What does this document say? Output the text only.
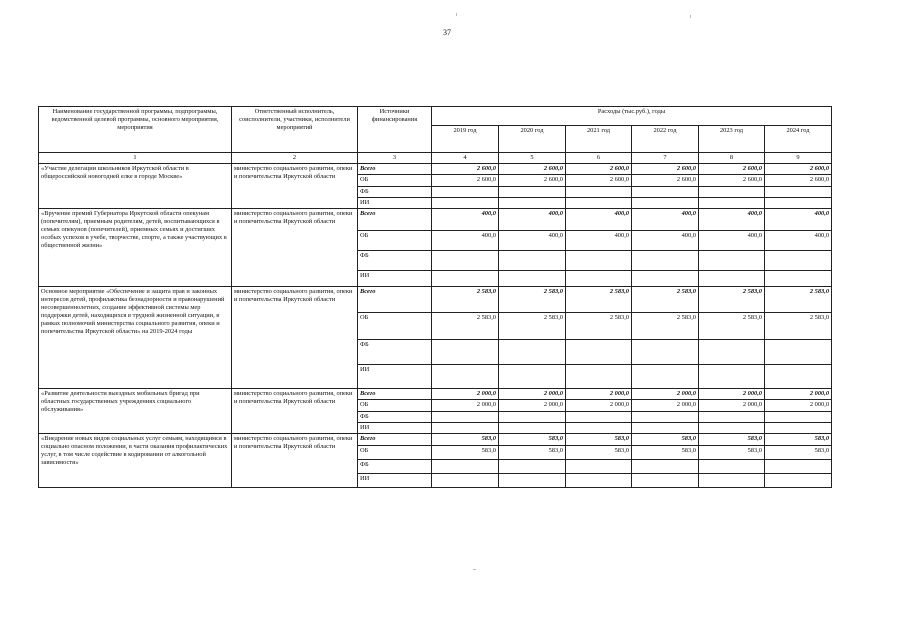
37
Наименование государственной программы, подпрограммы, ведомственной целевой программы, основного мероприятия, мероприятия	Ответственный исполнитель, соисполнители, участники, исполнители мероприятий	Источники финансирования	Расходы (тыс.руб.), годы					
			2019 год	2020 год	2021 год	2022 год	2023 год	2024 год
1	2	3	4	5	6	7	8	9
«Участие делегации школьников Иркутской области в общероссийской новогодней елке в городе Москве»	министерство социального развития, опеки и попечительства Иркутской области	Всего	2 600,0	2 600,0	2 600,0	2 600,0	2 600,0	2 600,0
		ОБ	2 600,0	2 600,0	2 600,0	2 600,0	2 600,0	2 600,0
		ФБ						
		ИИ						
«Вручение премий Губернатора Иркутской области опекунам (попечителям), приемным родителям, детей, воспитывающихся в семьях опекунов (попечителей), приемных семьях и достигших особых успехов в учебе, творчестве, спорте, а также участвующих в общественной жизни»	министерство социального развития, опеки и попечительства Иркутской области	Всего	400,0	400,0	400,0	400,0	400,0	400,0
		ОБ	400,0	400,0	400,0	400,0	400,0	400,0
		ФБ						
		ИИ						
Основное мероприятие «Обеспечение и защита прав и законных интересов детей, профилактика безнадзорности и правонарушений несовершеннолетних, создание эффективной системы мер поддержки детей, находящихся в трудной жизненной ситуации, в рамках полномочий министерства социального развития, опеки и попечительства Иркутской области» на 2019-2024 годы	министерство социального развития, опеки и попечительства Иркутской области	Всего	2 583,0	2 583,0	2 583,0	2 583,0	2 583,0	2 583,0
		ОБ	2 583,0	2 583,0	2 583,0	2 583,0	2 583,0	2 583,0
		ФБ						
		ИИ						
«Развитие деятельности выездных мобильных бригад при областных государственных учреждениях социального обслуживания»	министерство социального развития, опеки и попечительства Иркутской области	Всего	2 000,0	2 000,0	2 000,0	2 000,0	2 000,0	2 000,0
		ОБ	2 000,0	2 000,0	2 000,0	2 000,0	2 000,0	2 000,0
		ФБ						
		ИИ						
«Внедрение новых видов социальных услуг семьям, находящимся в социально опасном положении, в части оказания профилактических услуг, в том числе содействие в кодировании от алкогольной зависимости»	министерство социального развития, опеки и попечительства Иркутской области	Всего	583,0	583,0	583,0	583,0	583,0	583,0
		ОБ	583,0	583,0	583,0	583,0	583,0	583,0
		ФБ						
		ИИ						
